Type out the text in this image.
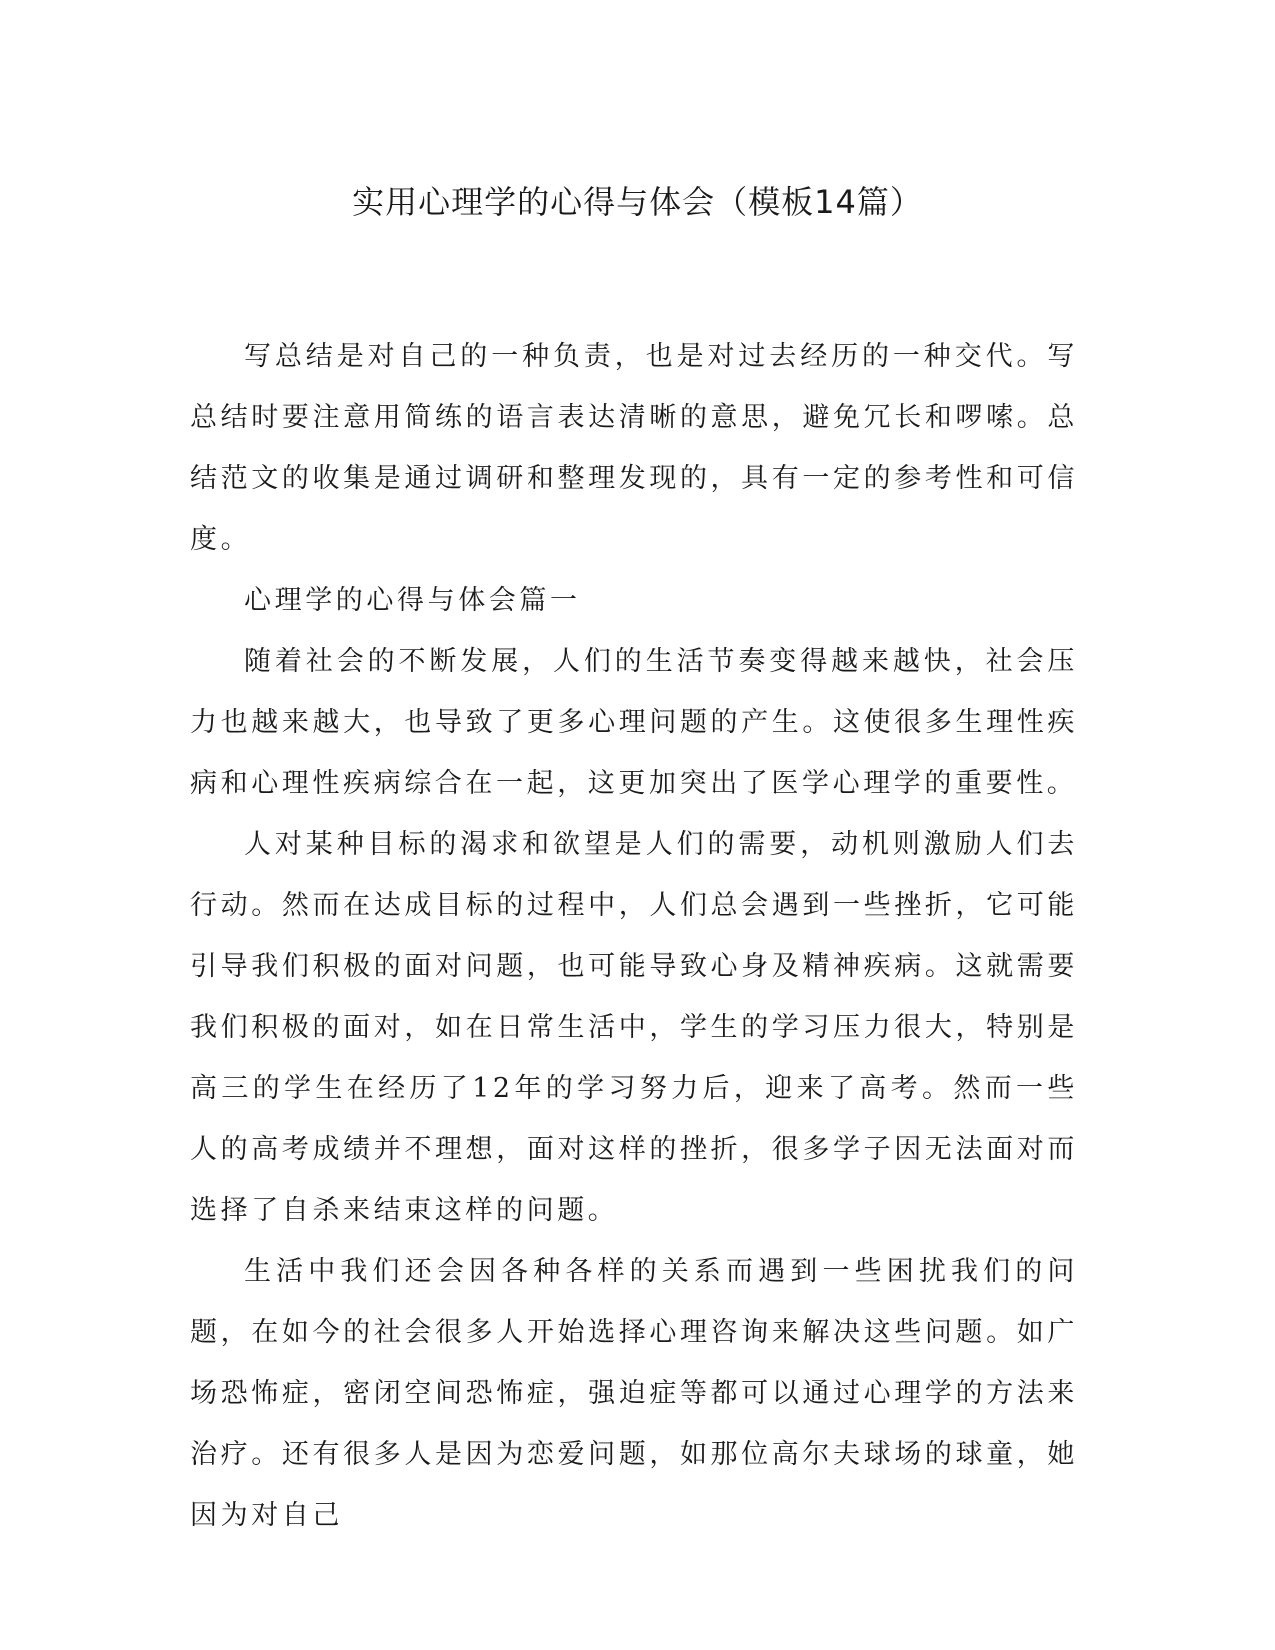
实用心理学的心得与体会（模板14篇）

写总结是对自己的一种负责，也是对过去经历的一种交代。写总结时要注意用简练的语言表达清晰的意思，避免冗长和啰嗦。总结范文的收集是通过调研和整理发现的，具有一定的参考性和可信度。

心理学的心得与体会篇一

随着社会的不断发展，人们的生活节奏变得越来越快，社会压力也越来越大，也导致了更多心理问题的产生。这使很多生理性疾病和心理性疾病综合在一起，这更加突出了医学心理学的重要性。

人对某种目标的渴求和欲望是人们的需要，动机则激励人们去行动。然而在达成目标的过程中，人们总会遇到一些挫折，它可能引导我们积极的面对问题，也可能导致心身及精神疾病。这就需要我们积极的面对，如在日常生活中，学生的学习压力很大，特别是高三的学生在经历了12年的学习努力后，迎来了高考。然而一些人的高考成绩并不理想，面对这样的挫折，很多学子因无法面对而选择了自杀来结束这样的问题。

生活中我们还会因各种各样的关系而遇到一些困扰我们的问题，在如今的社会很多人开始选择心理咨询来解决这些问题。如广场恐怖症，密闭空间恐怖症，强迫症等都可以通过心理学的方法来治疗。还有很多人是因为恋爱问题，如那位高尔夫球场的球童，她因为对自己
